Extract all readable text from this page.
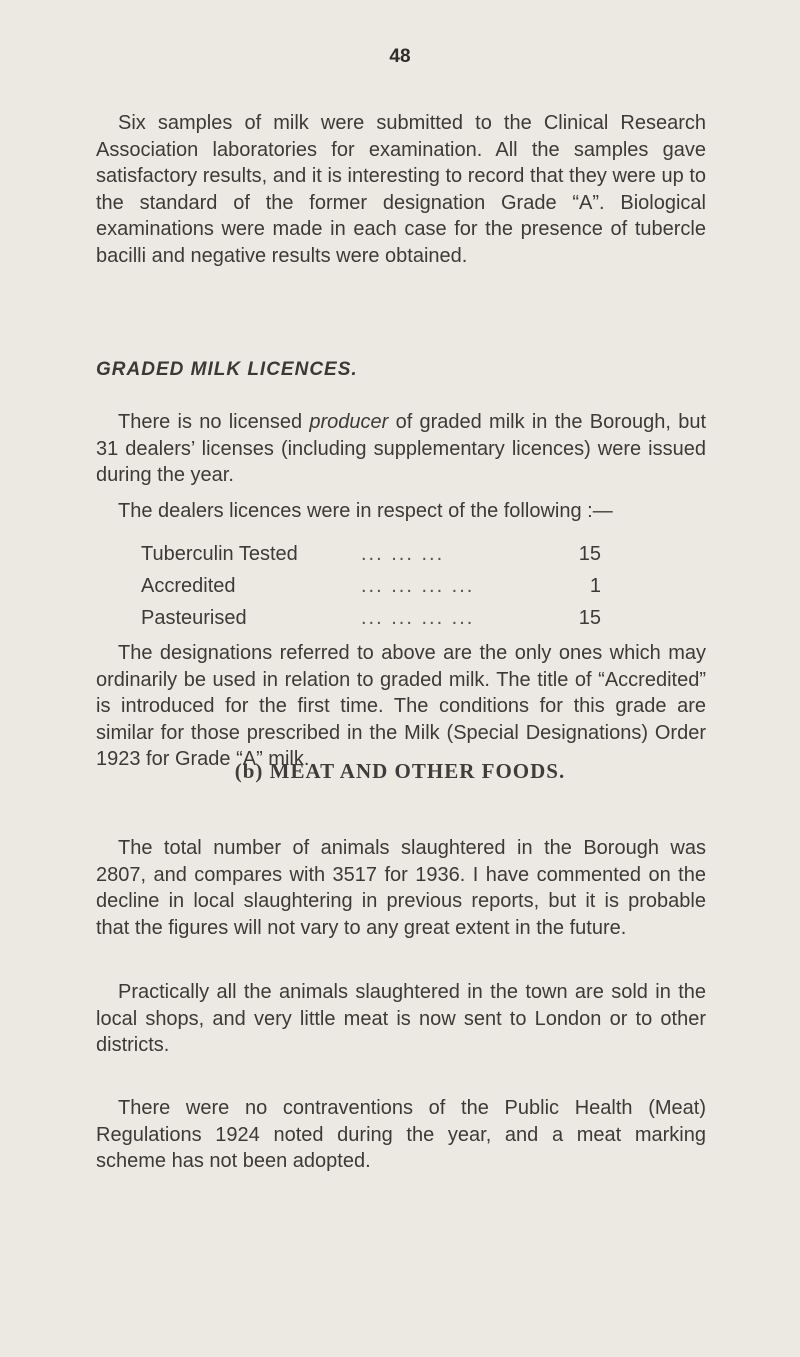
48

Six samples of milk were submitted to the Clinical Research Association laboratories for examination. All the samples gave satisfactory results, and it is interesting to record that they were up to the standard of the former designation Grade “A”. Biological examinations were made in each case for the presence of tubercle bacilli and negative results were obtained.

GRADED MILK LICENCES.

There is no licensed producer of graded milk in the Borough, but 31 dealers’ licenses (including supplementary licences) were issued during the year.

The dealers licences were in respect of the following :—

Tuberculin Tested	... ... ...	15
Accredited	... ... ... ...	1
Pasteurised	... ... ... ...	15

The designations referred to above are the only ones which may ordinarily be used in relation to graded milk. The title of “Accredited” is introduced for the first time. The conditions for this grade are similar for those prescribed in the Milk (Special Designations) Order 1923 for Grade “A” milk.

(b) MEAT AND OTHER FOODS.

The total number of animals slaughtered in the Borough was 2807, and compares with 3517 for 1936. I have commented on the decline in local slaughtering in previous reports, but it is probable that the figures will not vary to any great extent in the future.

Practically all the animals slaughtered in the town are sold in the local shops, and very little meat is now sent to London or to other districts.

There were no contraventions of the Public Health (Meat) Regulations 1924 noted during the year, and a meat marking scheme has not been adopted.
